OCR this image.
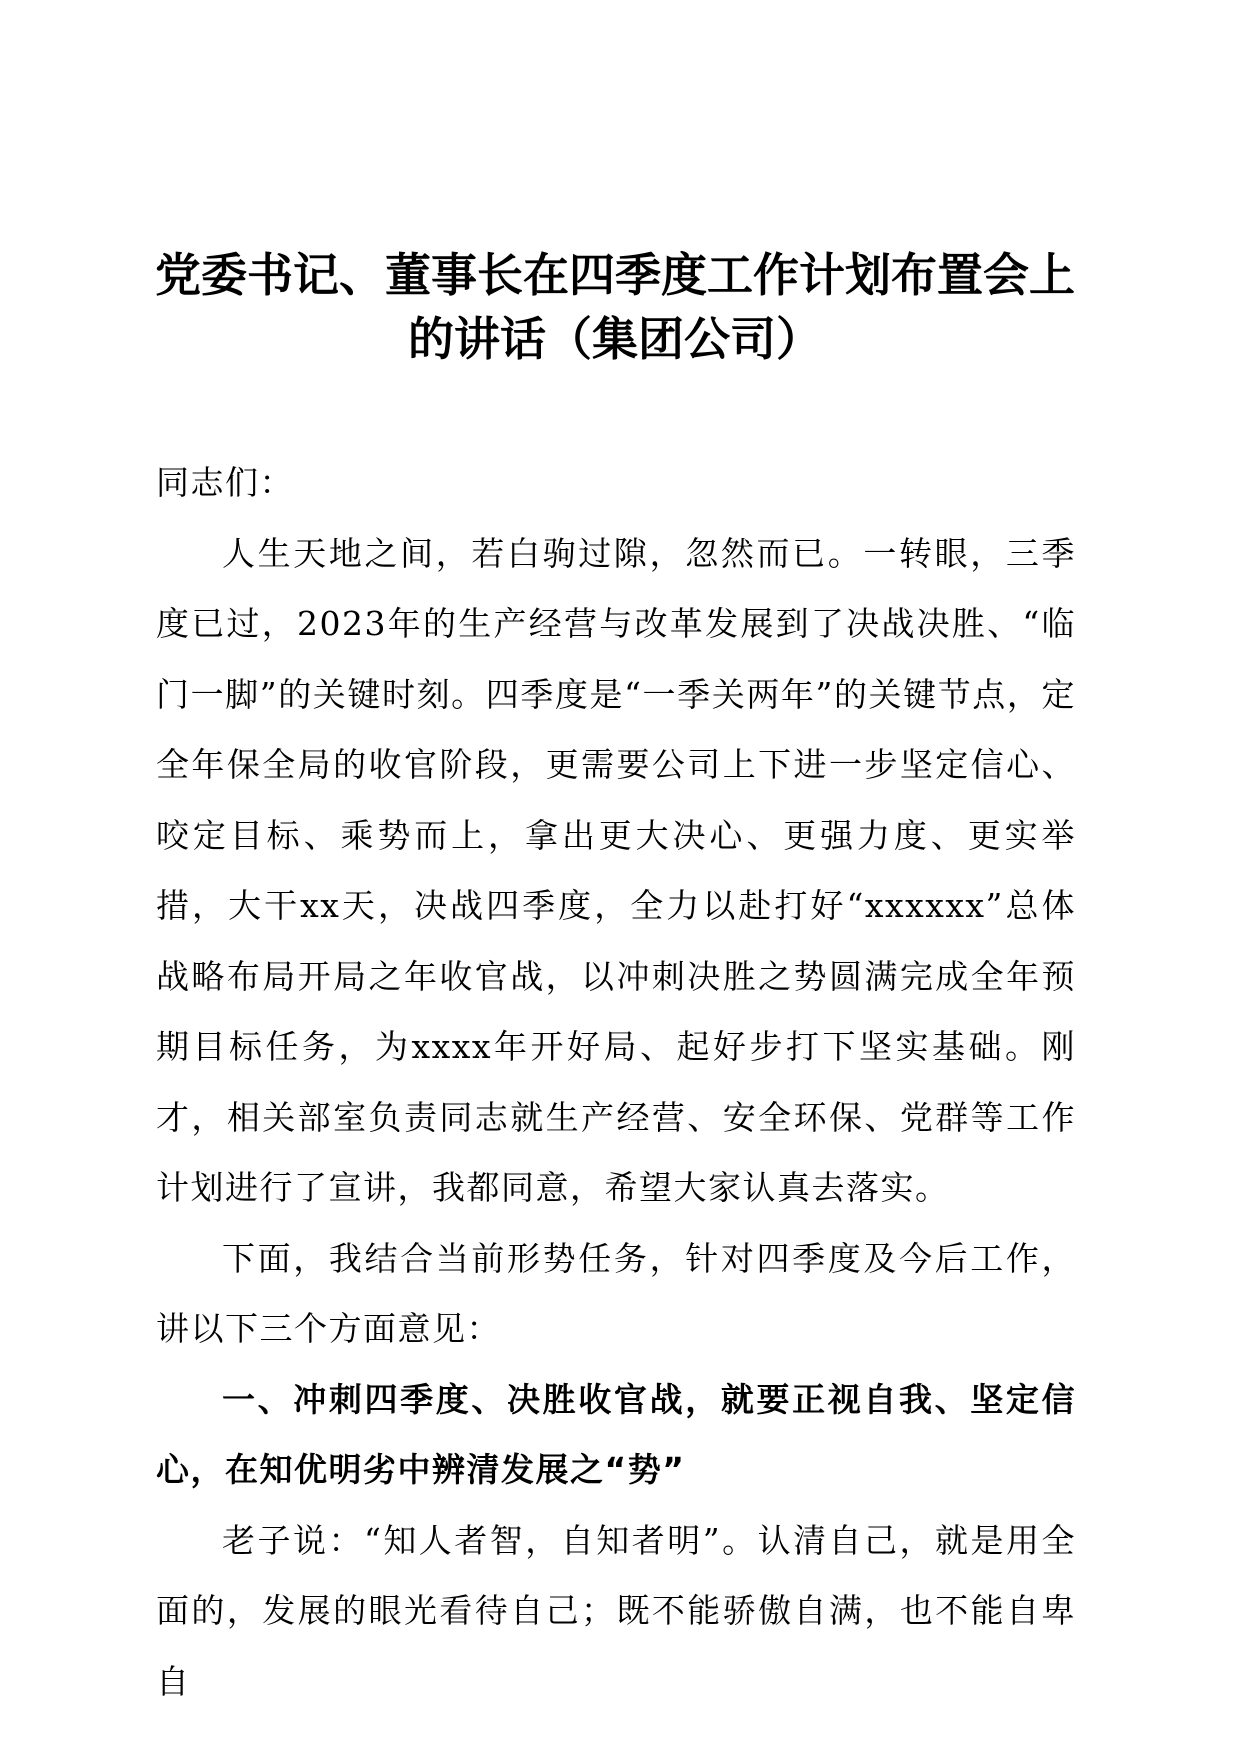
党委书记、董事长在四季度工作计划布置会上
的讲话（集团公司）

同志们：

人生天地之间，若白驹过隙，忽然而已。一转眼，三季度已过，2023年的生产经营与改革发展到了决战决胜、“临门一脚”的关键时刻。四季度是“一季关两年”的关键节点，定全年保全局的收官阶段，更需要公司上下进一步坚定信心、咬定目标、乘势而上，拿出更大决心、更强力度、更实举措，大干xx天，决战四季度，全力以赴打好“xxxxxx”总体战略布局开局之年收官战，以冲刺决胜之势圆满完成全年预期目标任务，为xxxx年开好局、起好步打下坚实基础。刚才，相关部室负责同志就生产经营、安全环保、党群等工作计划进行了宣讲，我都同意，希望大家认真去落实。

下面，我结合当前形势任务，针对四季度及今后工作，讲以下三个方面意见：

一、冲刺四季度、决胜收官战，就要正视自我、坚定信心，在知优明劣中辨清发展之“势”

老子说：“知人者智，自知者明”。认清自己，就是用全面的，发展的眼光看待自己；既不能骄傲自满，也不能自卑自
